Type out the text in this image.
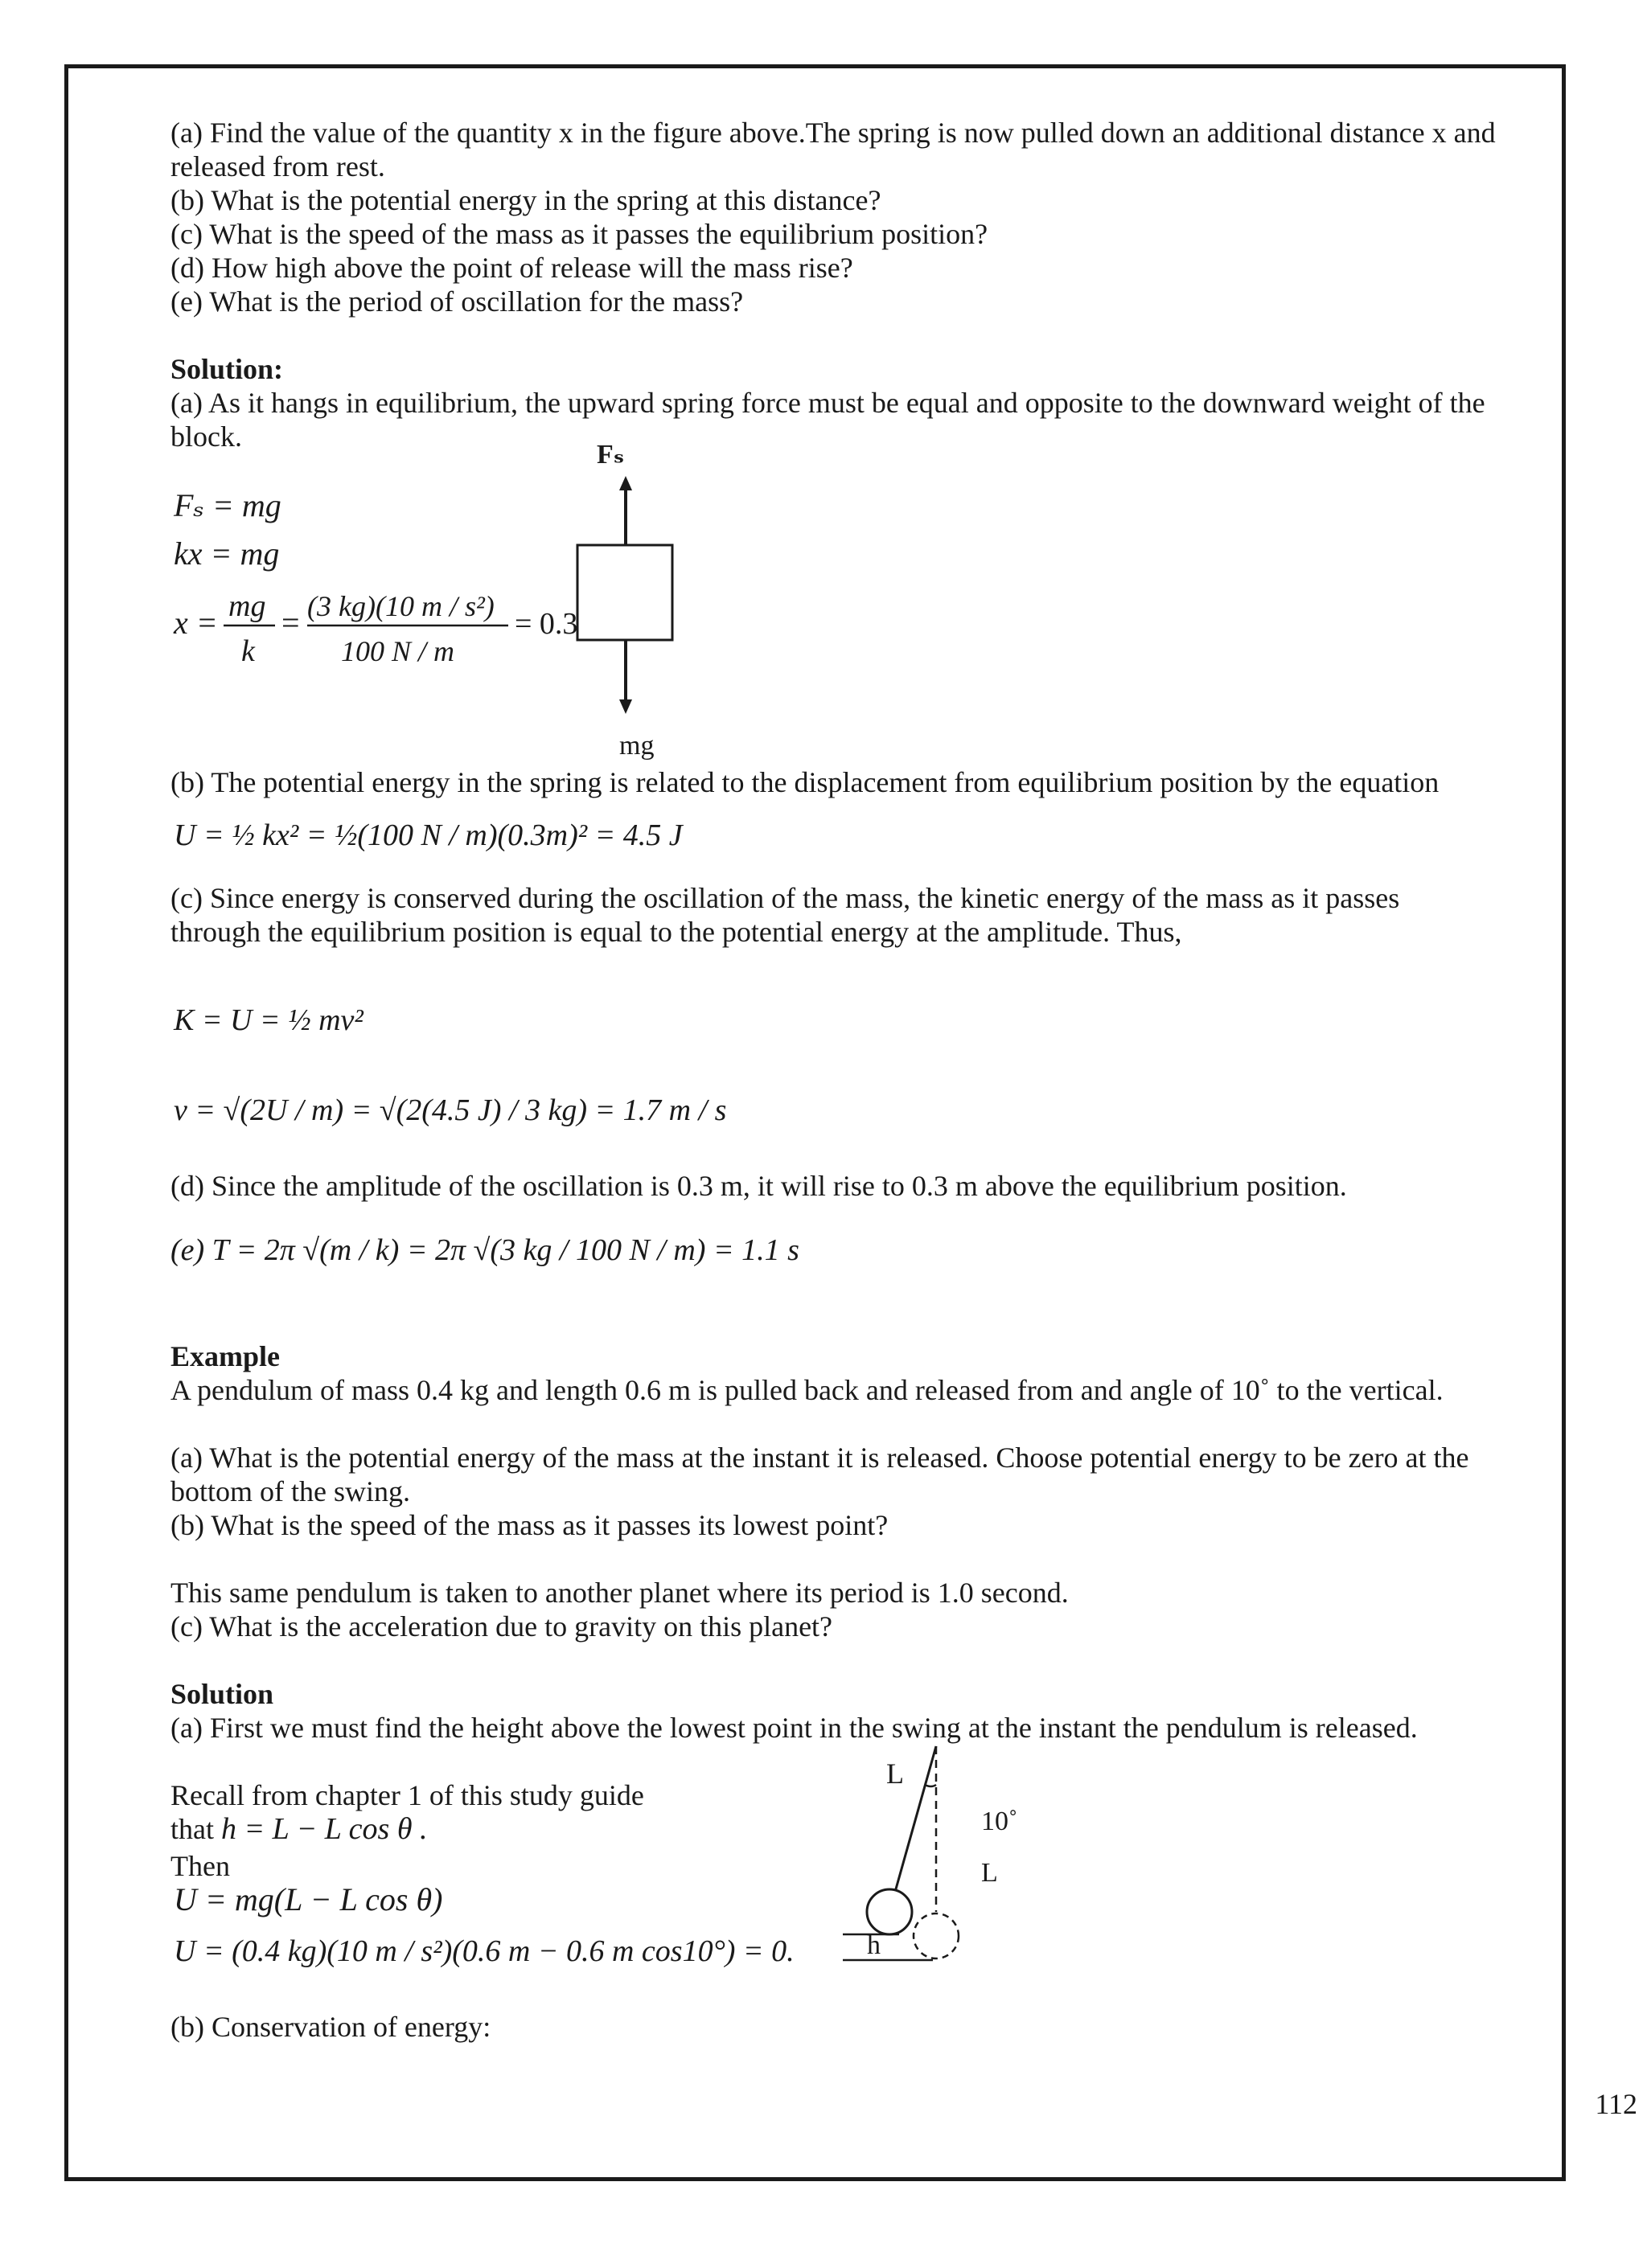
(a) Find the value of the quantity x in the figure above.The spring is now pulled down an additional distance x and
released from rest.
(b) What is the potential energy in the spring at this distance?
(c) What is the speed of the mass as it passes the equilibrium position?
(d) How high above the point of release will the mass rise?
(e) What is the period of oscillation for the mass?
Solution:
(a) As it hangs in equilibrium, the upward spring force must be equal and opposite to the downward weight of the
block.
Fₛ = mg
kx = mg
x = mg
k
= (3 kg)(10 m / s²)
100 N / m
= 0.3
Fₛ
mg
(b) The potential energy in the spring is related to the displacement from equilibrium position by the equation
U = ½ kx² = ½(100 N / m)(0.3m)² = 4.5 J
(c) Since energy is conserved during the oscillation of the mass, the kinetic energy of the mass as it passes
through the equilibrium position is equal to the potential energy at the amplitude. Thus,
K = U = ½ mv²
v = √(2U / m) = √(2(4.5 J) / 3 kg) = 1.7 m / s
(d) Since the amplitude of the oscillation is 0.3 m, it will rise to 0.3 m above the equilibrium position.
(e) T = 2π √(m / k) = 2π √(3 kg / 100 N / m) = 1.1 s
Example
A pendulum of mass 0.4 kg and length 0.6 m is pulled back and released from and angle of 10˚ to the vertical.
(a) What is the potential energy of the mass at the instant it is released. Choose potential energy to be zero at the
bottom of the swing.
(b) What is the speed of the mass as it passes its lowest point?
This same pendulum is taken to another planet where its period is 1.0 second.
(c) What is the acceleration due to gravity on this planet?
Solution
(a) First we must find the height above the lowest point in the swing at the instant the pendulum is released.
Recall from chapter 1 of this study guide
that h = L − L cos θ .
Then
U = mg(L − L cos θ)
U = (0.4 kg)(10 m / s²)(0.6 m − 0.6 m cos10°) = 0.
L
10˚
L
h
(b) Conservation of energy:
112
